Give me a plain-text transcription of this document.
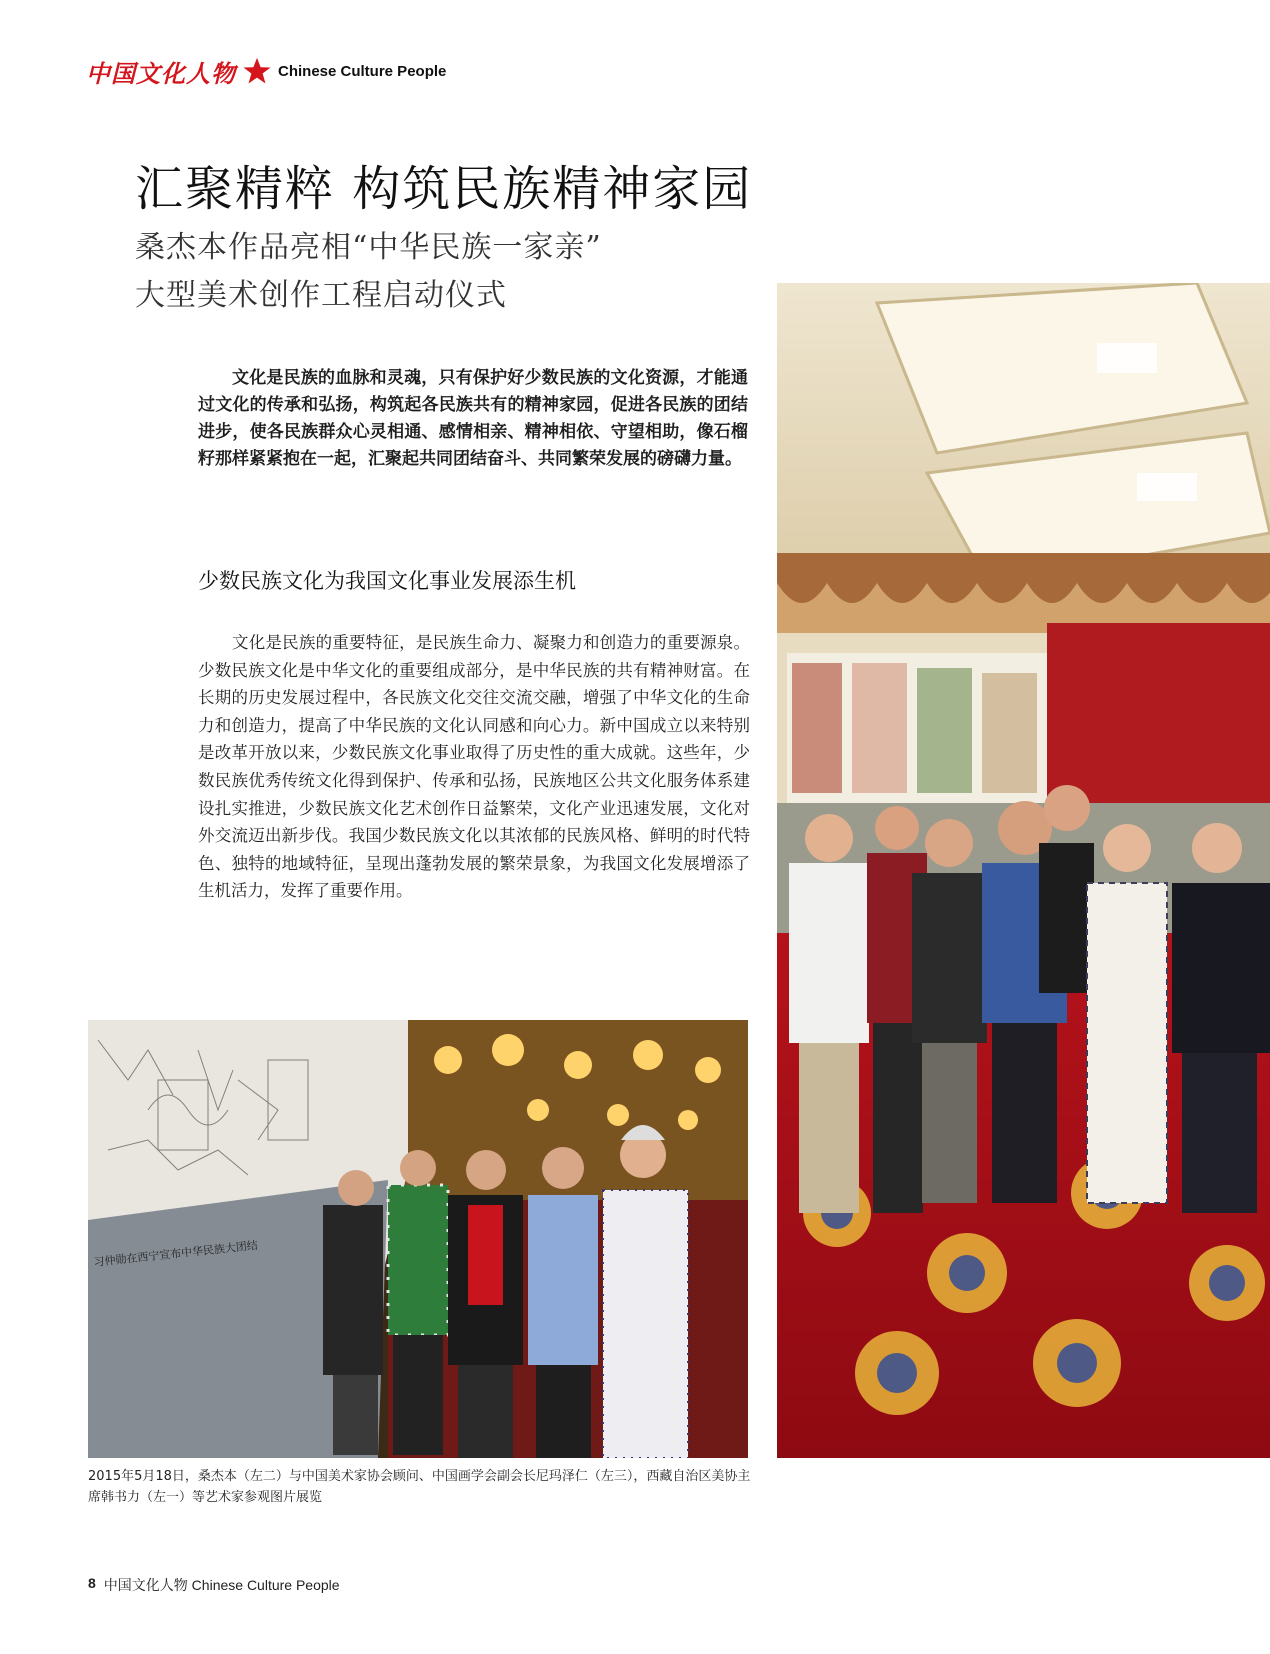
中国文化人物	Chinese Culture People
汇聚精粹 构筑民族精神家园
桑杰本作品亮相“中华民族一家亲”
大型美术创作工程启动仪式

文化是民族的血脉和灵魂，只有保护好少数民族的文化资源，才能通过文化的传承和弘扬，构筑起各民族共有的精神家园，促进各民族的团结进步，使各民族群众心灵相通、感情相亲、精神相依、守望相助，像石榴籽那样紧紧抱在一起，汇聚起共同团结奋斗、共同繁荣发展的磅礴力量。

少数民族文化为我国文化事业发展添生机

文化是民族的重要特征，是民族生命力、凝聚力和创造力的重要源泉。少数民族文化是中华文化的重要组成部分，是中华民族的共有精神财富。在长期的历史发展过程中，各民族文化交往交流交融，增强了中华文化的生命力和创造力，提高了中华民族的文化认同感和向心力。新中国成立以来特别是改革开放以来，少数民族文化事业取得了历史性的重大成就。这些年，少数民族优秀传统文化得到保护、传承和弘扬，民族地区公共文化服务体系建设扎实推进，少数民族文化艺术创作日益繁荣，文化产业迅速发展，文化对外交流迈出新步伐。我国少数民族文化以其浓郁的民族风格、鲜明的时代特色、独特的地域特征，呈现出蓬勃发展的繁荣景象，为我国文化发展增添了生机活力，发挥了重要作用。

习仲勋在西宁宣布中华民族大团结

2015年5月18日，桑杰本（左二）与中国美术家协会顾问、中国画学会副会长尼玛泽仁（左三），西藏自治区美协主席韩书力（左一）等艺术家参观图片展览

8 中国文化人物 Chinese Culture People
